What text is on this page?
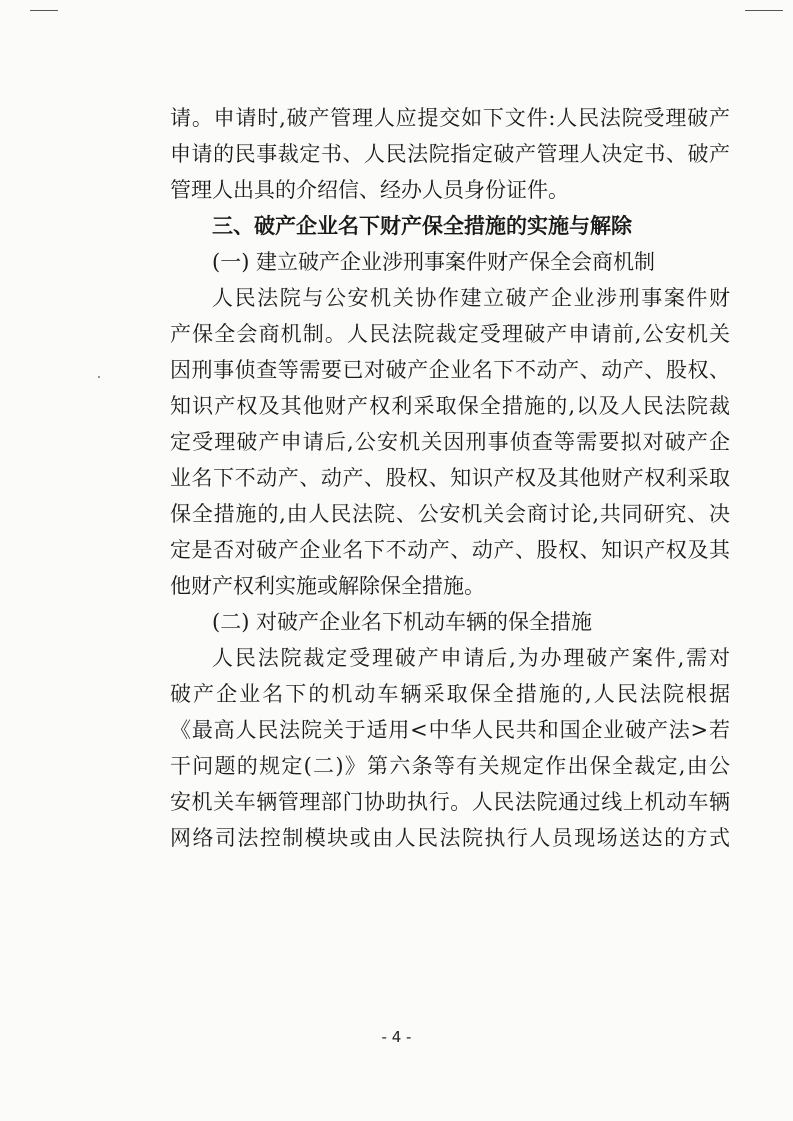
请。申请时,破产管理人应提交如下文件:人民法院受理破产
申请的民事裁定书、人民法院指定破产管理人决定书、破产
管理人出具的介绍信、经办人员身份证件。
三、破产企业名下财产保全措施的实施与解除
(一) 建立破产企业涉刑事案件财产保全会商机制
人民法院与公安机关协作建立破产企业涉刑事案件财
产保全会商机制。人民法院裁定受理破产申请前,公安机关
因刑事侦查等需要已对破产企业名下不动产、动产、股权、
知识产权及其他财产权利采取保全措施的,以及人民法院裁
定受理破产申请后,公安机关因刑事侦查等需要拟对破产企
业名下不动产、动产、股权、知识产权及其他财产权利采取
保全措施的,由人民法院、公安机关会商讨论,共同研究、决
定是否对破产企业名下不动产、动产、股权、知识产权及其
他财产权利实施或解除保全措施。
(二) 对破产企业名下机动车辆的保全措施
人民法院裁定受理破产申请后,为办理破产案件,需对
破产企业名下的机动车辆采取保全措施的,人民法院根据
《最高人民法院关于适用<中华人民共和国企业破产法>若
干问题的规定(二)》第六条等有关规定作出保全裁定,由公
安机关车辆管理部门协助执行。人民法院通过线上机动车辆
网络司法控制模块或由人民法院执行人员现场送达的方式
- 4 -
